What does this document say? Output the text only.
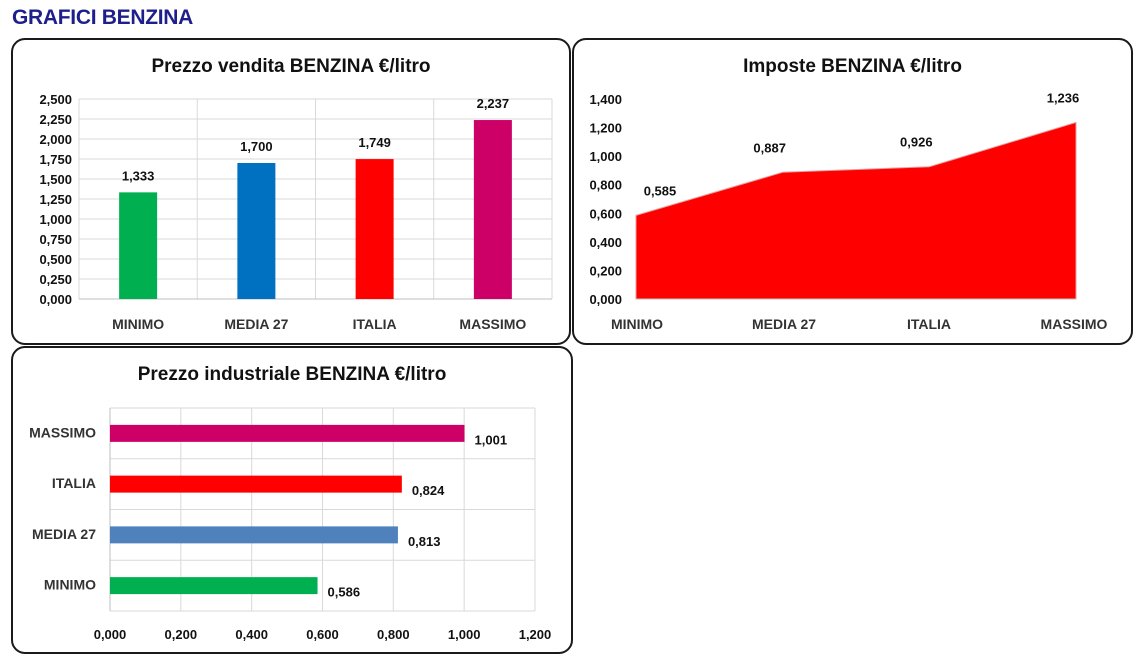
GRAFICI BENZINA
Prezzo vendita BENZINA €/litro
0,000
0,250
0,500
0,750
1,000
1,250
1,500
1,750
2,000
2,250
2,500
1,333
MINIMO
1,700
MEDIA 27
1,749
ITALIA
2,237
MASSIMO
Imposte BENZINA €/litro
0,000
0,200
0,400
0,600
0,800
1,000
1,200
1,400
0,585
0,887	0,926
1,236
MINIMO	MEDIA 27	ITALIA	MASSIMO
Prezzo industriale BENZINA €/litro
0,000	0,200	0,400	0,600	0,800	1,000	1,200
0,586
MINIMO
0,813
MEDIA 27
0,824
ITALIA
1,001
MASSIMO
